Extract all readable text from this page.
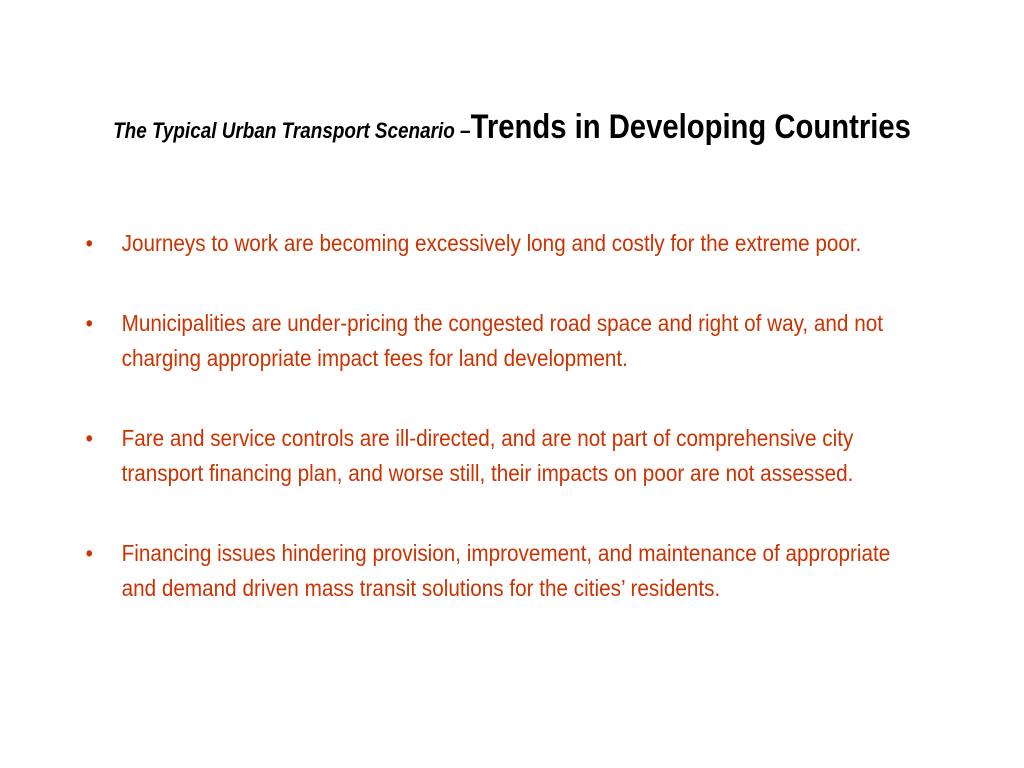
The Typical Urban Transport Scenario –Trends in Developing Countries
• Journeys to work are becoming excessively long and costly for the extreme poor.
• Municipalities are under-pricing the congested road space and right of way, and not charging appropriate impact fees for land development.
• Fare and service controls are ill-directed, and are not part of comprehensive city transport financing plan, and worse still, their impacts on poor are not assessed.
• Financing issues hindering provision, improvement, and maintenance of appropriate and demand driven mass transit solutions for the cities’ residents.
